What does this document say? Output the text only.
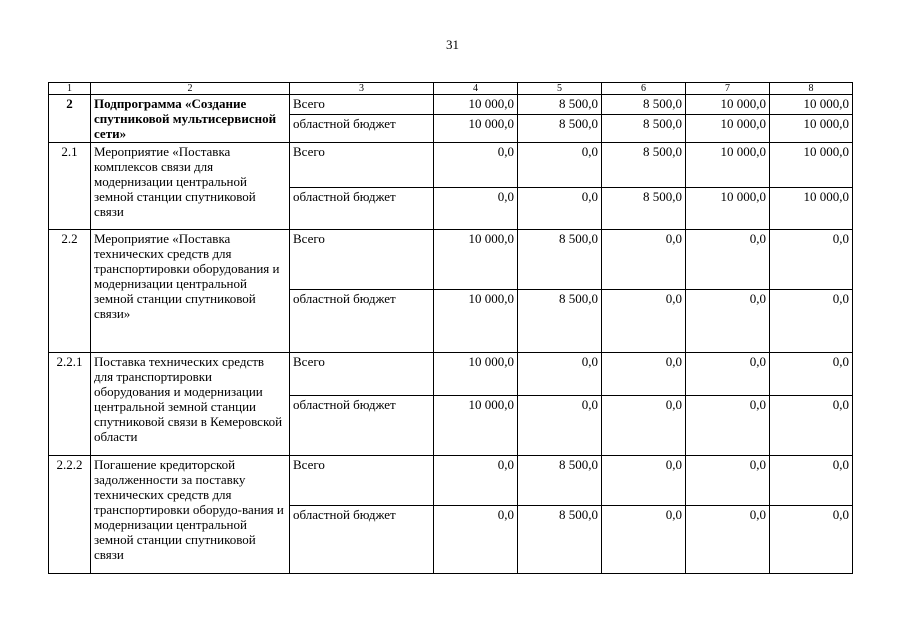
31
1	2	3	4	5	6	7	8
2	Подпрограмма «Создание спутниковой мультисервисной сети»	Всего	10 000,0	8 500,0	8 500,0	10 000,0	10 000,0
		областной бюджет	10 000,0	8 500,0	8 500,0	10 000,0	10 000,0
2.1	Мероприятие «Поставка комплексов связи для модернизации центральной земной станции спутниковой связи	Всего	0,0	0,0	8 500,0	10 000,0	10 000,0
		областной бюджет	0,0	0,0	8 500,0	10 000,0	10 000,0
2.2	Мероприятие «Поставка технических средств для транспортировки оборудования и модернизации центральной земной станции спутниковой связи»	Всего	10 000,0	8 500,0	0,0	0,0	0,0
		областной бюджет	10 000,0	8 500,0	0,0	0,0	0,0
2.2.1	Поставка технических средств для транспортировки оборудования и модернизации центральной земной станции спутниковой связи в Кемеровской области	Всего	10 000,0	0,0	0,0	0,0	0,0
		областной бюджет	10 000,0	0,0	0,0	0,0	0,0
2.2.2	Погашение кредиторской задолженности за поставку технических средств для транспортировки оборудо-вания и модернизации центральной земной станции спутниковой связи	Всего	0,0	8 500,0	0,0	0,0	0,0
		областной бюджет	0,0	8 500,0	0,0	0,0	0,0
